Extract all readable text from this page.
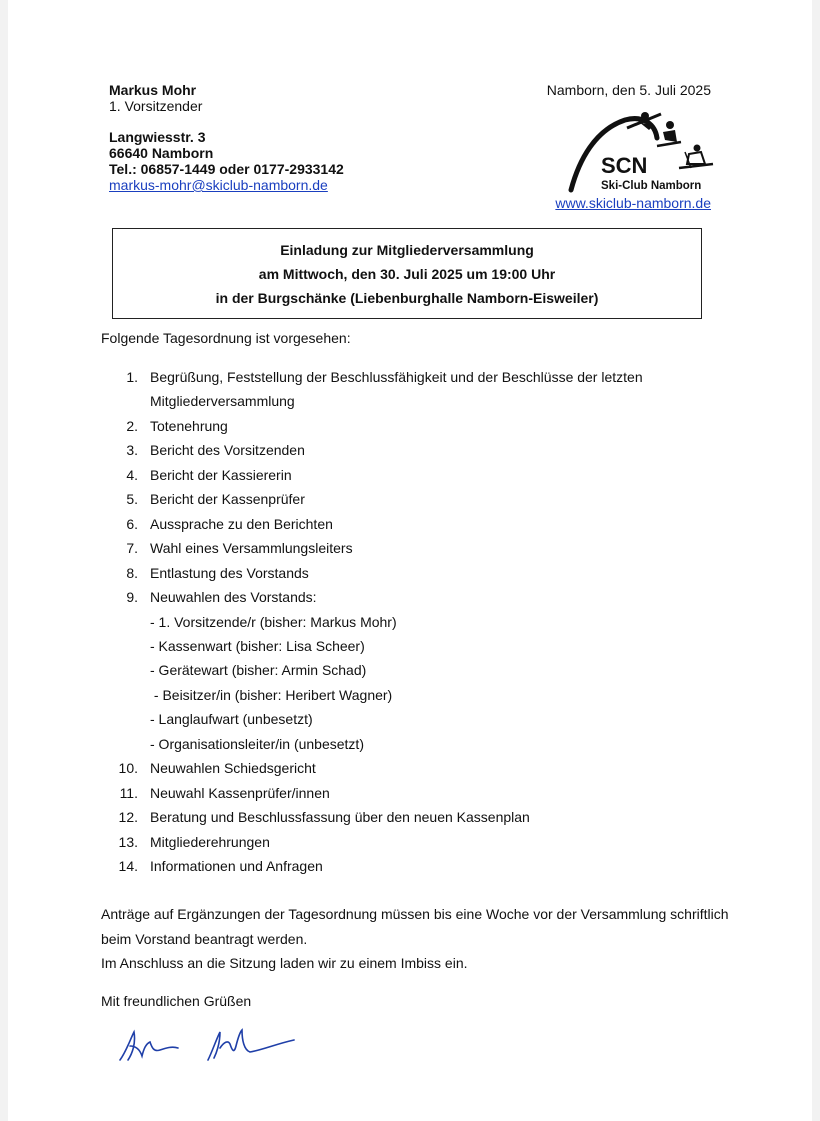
Markus Mohr
1. Vorsitzender
Langwiesstr. 3
66640 Namborn
Tel.: 06857-1449 oder 0177-2933142
markus-mohr@skiclub-namborn.de
Namborn, den 5. Juli 2025
SCN
Ski-Club Namborn
www.skiclub-namborn.de
Einladung zur Mitgliederversammlung
am Mittwoch, den 30. Juli 2025 um 19:00 Uhr
in der Burgschänke (Liebenburghalle Namborn-Eisweiler)
Folgende Tagesordnung ist vorgesehen:
1. Begrüßung, Feststellung der Beschlussfähigkeit und der Beschlüsse der letzten
Mitgliederversammlung
2. Totenehrung
3. Bericht des Vorsitzenden
4. Bericht der Kassiererin
5. Bericht der Kassenprüfer
6. Aussprache zu den Berichten
7. Wahl eines Versammlungsleiters
8. Entlastung des Vorstands
9. Neuwahlen des Vorstands:
- 1. Vorsitzende/r (bisher: Markus Mohr)
- Kassenwart (bisher: Lisa Scheer)
- Gerätewart (bisher: Armin Schad)
- Beisitzer/in (bisher: Heribert Wagner)
- Langlaufwart (unbesetzt)
- Organisationsleiter/in (unbesetzt)
10. Neuwahlen Schiedsgericht
11. Neuwahl Kassenprüfer/innen
12. Beratung und Beschlussfassung über den neuen Kassenplan
13. Mitgliederehrungen
14. Informationen und Anfragen
Anträge auf Ergänzungen der Tagesordnung müssen bis eine Woche vor der Versammlung schriftlich
beim Vorstand beantragt werden.
Im Anschluss an die Sitzung laden wir zu einem Imbiss ein.
Mit freundlichen Grüßen
